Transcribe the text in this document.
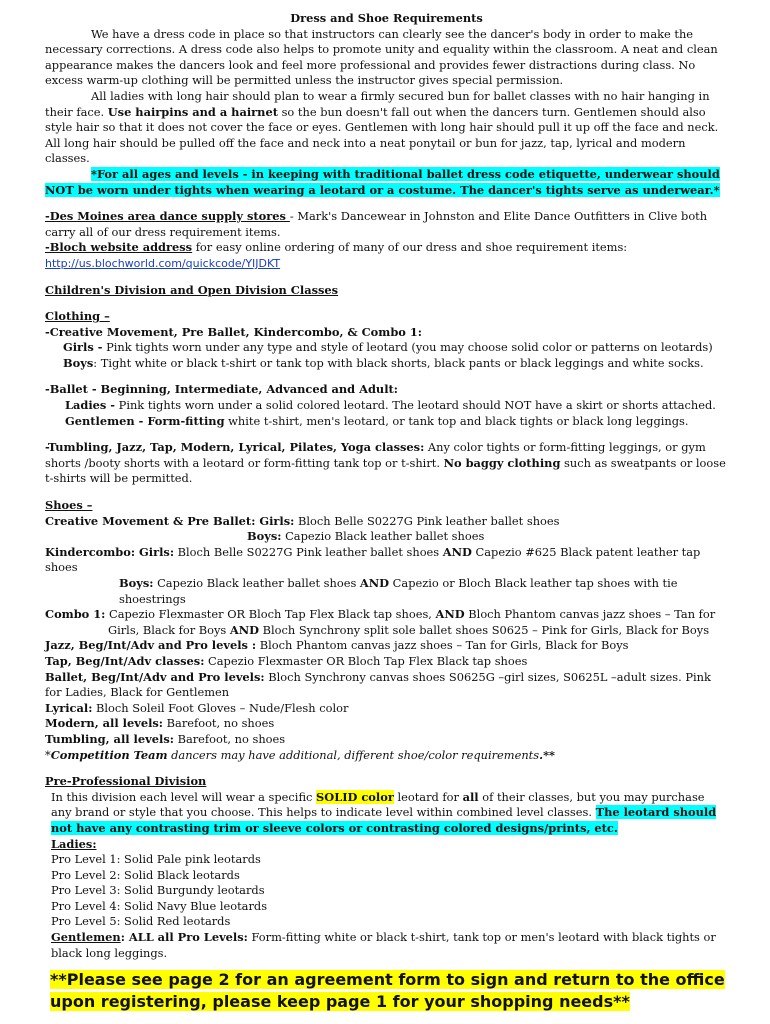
Dress and Shoe Requirements

We have a dress code in place so that instructors can clearly see the dancer's body in order to make the necessary corrections. A dress code also helps to promote unity and equality within the classroom. A neat and clean appearance makes the dancers look and feel more professional and provides fewer distractions during class. No excess warm-up clothing will be permitted unless the instructor gives special permission.

All ladies with long hair should plan to wear a firmly secured bun for ballet classes with no hair hanging in their face. Use hairpins and a hairnet so the bun doesn't fall out when the dancers turn. Gentlemen should also style hair so that it does not cover the face or eyes. Gentlemen with long hair should pull it up off the face and neck. All long hair should be pulled off the face and neck into a neat ponytail or bun for jazz, tap, lyrical and modern classes.

*For all ages and levels - in keeping with traditional ballet dress code etiquette, underwear should NOT be worn under tights when wearing a leotard or a costume. The dancer's tights serve as underwear.*

-Des Moines area dance supply stores - Mark's Dancewear in Johnston and Elite Dance Outfitters in Clive both carry all of our dress requirement items.

-Bloch website address for easy online ordering of many of our dress and shoe requirement items:

http://us.blochworld.com/quickcode/YIJDKT

Children's Division and Open Division Classes

Clothing –

-Creative Movement, Pre Ballet, Kindercombo, & Combo 1:

Girls - Pink tights worn under any type and style of leotard (you may choose solid color or patterns on leotards)

Boys: Tight white or black t-shirt or tank top with black shorts, black pants or black leggings and white socks.

-Ballet - Beginning, Intermediate, Advanced and Adult:

Ladies - Pink tights worn under a solid colored leotard. The leotard should NOT have a skirt or shorts attached.

Gentlemen - Form-fitting white t-shirt, men's leotard, or tank top and black tights or black long leggings.

-Tumbling, Jazz, Tap, Modern, Lyrical, Pilates, Yoga classes: Any color tights or form-fitting leggings, or gym shorts /booty shorts with a leotard or form-fitting tank top or t-shirt. No baggy clothing such as sweatpants or loose t-shirts will be permitted.

Shoes –

Creative Movement & Pre Ballet: Girls: Bloch Belle S0227G Pink leather ballet shoes

Boys: Capezio Black leather ballet shoes

Kindercombo: Girls: Bloch Belle S0227G Pink leather ballet shoes AND Capezio #625 Black patent leather tap shoes

Boys: Capezio Black leather ballet shoes AND Capezio or Bloch Black leather tap shoes with tie shoestrings

Combo 1: Capezio Flexmaster OR Bloch Tap Flex Black tap shoes, AND Bloch Phantom canvas jazz shoes – Tan for Girls, Black for Boys AND Bloch Synchrony split sole ballet shoes S0625 – Pink for Girls, Black for Boys

Jazz, Beg/Int/Adv and Pro levels : Bloch Phantom canvas jazz shoes – Tan for Girls, Black for Boys

Tap, Beg/Int/Adv classes: Capezio Flexmaster OR Bloch Tap Flex Black tap shoes

Ballet, Beg/Int/Adv and Pro levels: Bloch Synchrony canvas shoes S0625G –girl sizes, S0625L –adult sizes. Pink for Ladies, Black for Gentlemen

Lyrical: Bloch Soleil Foot Gloves – Nude/Flesh color

Modern, all levels: Barefoot, no shoes

Tumbling, all levels: Barefoot, no shoes

*Competition Team dancers may have additional, different shoe/color requirements.**

Pre-Professional Division

In this division each level will wear a specific SOLID color leotard for all of their classes, but you may purchase any brand or style that you choose. This helps to indicate level within combined level classes. The leotard should not have any contrasting trim or sleeve colors or contrasting colored designs/prints, etc.

Ladies:

Pro Level 1: Solid Pale pink leotards

Pro Level 2: Solid Black leotards

Pro Level 3: Solid Burgundy leotards

Pro Level 4: Solid Navy Blue leotards

Pro Level 5: Solid Red leotards

Gentlemen: ALL all Pro Levels: Form-fitting white or black t-shirt, tank top or men's leotard with black tights or black long leggings.

**Please see page 2 for an agreement form to sign and return to the office upon registering, please keep page 1 for your shopping needs**
